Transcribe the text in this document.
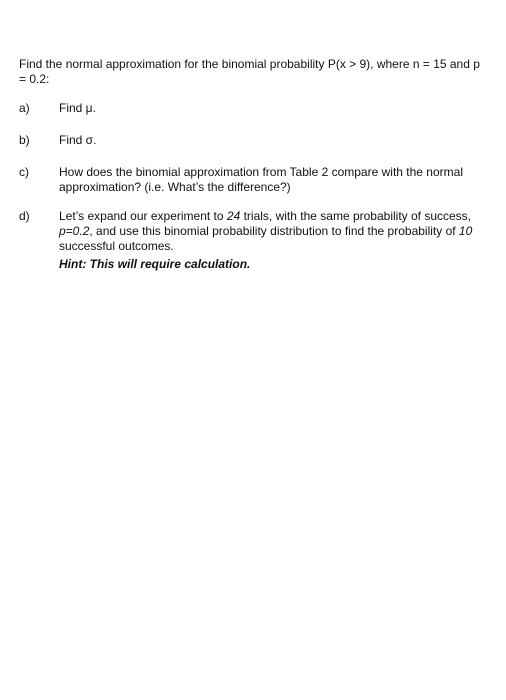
Find the normal approximation for the binomial probability P(x > 9), where n = 15 and p = 0.2:

a)	Find μ.
b)	Find σ.
c)	How does the binomial approximation from Table 2 compare with the normal approximation? (i.e. What’s the difference?)
d)	Let’s expand our experiment to 24 trials, with the same probability of success, p=0.2, and use this binomial probability distribution to find the probability of 10 successful outcomes.
Hint: This will require calculation.
